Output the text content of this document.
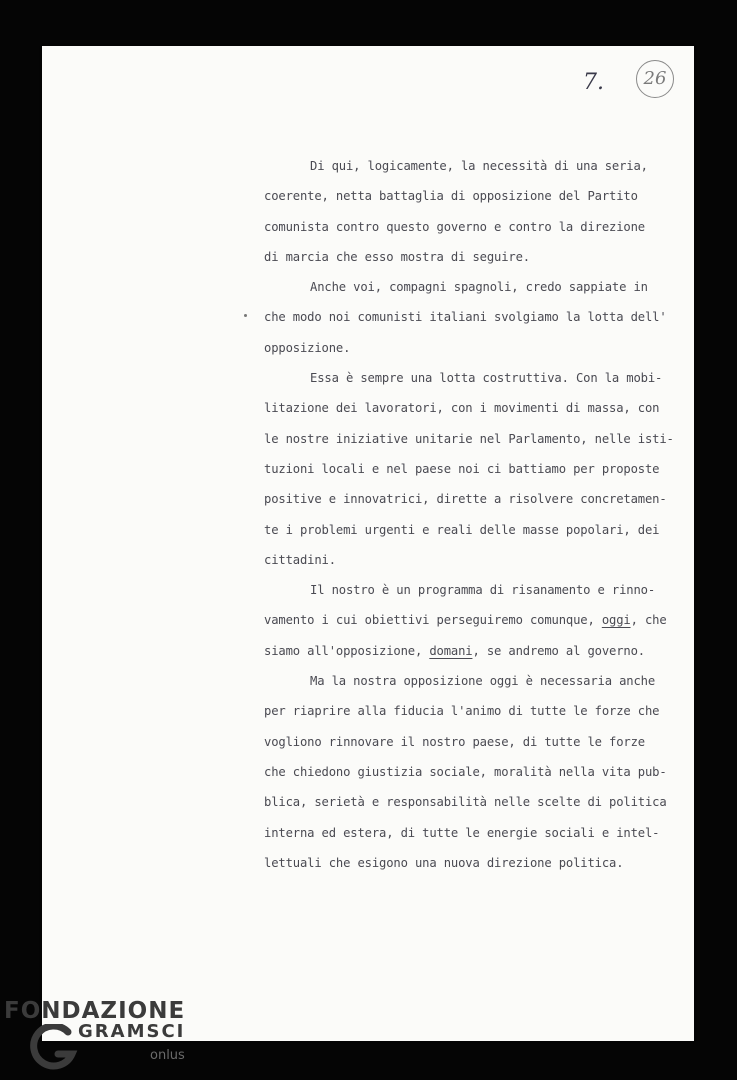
7.	26
Di qui, logicamente, la necessità di una seria,
coerente, netta battaglia di opposizione del Partito
comunista contro questo governo e contro la direzione
di marcia che esso mostra di seguire.
Anche voi, compagni spagnoli, credo sappiate in
che modo noi comunisti italiani svolgiamo la lotta dell'
opposizione.
Essa è sempre una lotta costruttiva. Con la mobi-
litazione dei lavoratori, con i movimenti di massa, con
le nostre iniziative unitarie nel Parlamento, nelle isti-
tuzioni locali e nel paese noi ci battiamo per proposte
positive e innovatrici, dirette a risolvere concretamen-
te i problemi urgenti e reali delle masse popolari, dei
cittadini.
Il nostro è un programma di risanamento e rinno-
vamento i cui obiettivi perseguiremo comunque, oggi, che
siamo all'opposizione, domani, se andremo al governo.
Ma la nostra opposizione oggi è necessaria anche
per riaprire alla fiducia l'animo di tutte le forze che
vogliono rinnovare il nostro paese, di tutte le forze
che chiedono giustizia sociale, moralità nella vita pub-
blica, serietà e responsabilità nelle scelte di politica
interna ed estera, di tutte le energie sociali e intel-
lettuali che esigono una nuova direzione politica.
FONDAZIONE
GRAMSCI
onlus
